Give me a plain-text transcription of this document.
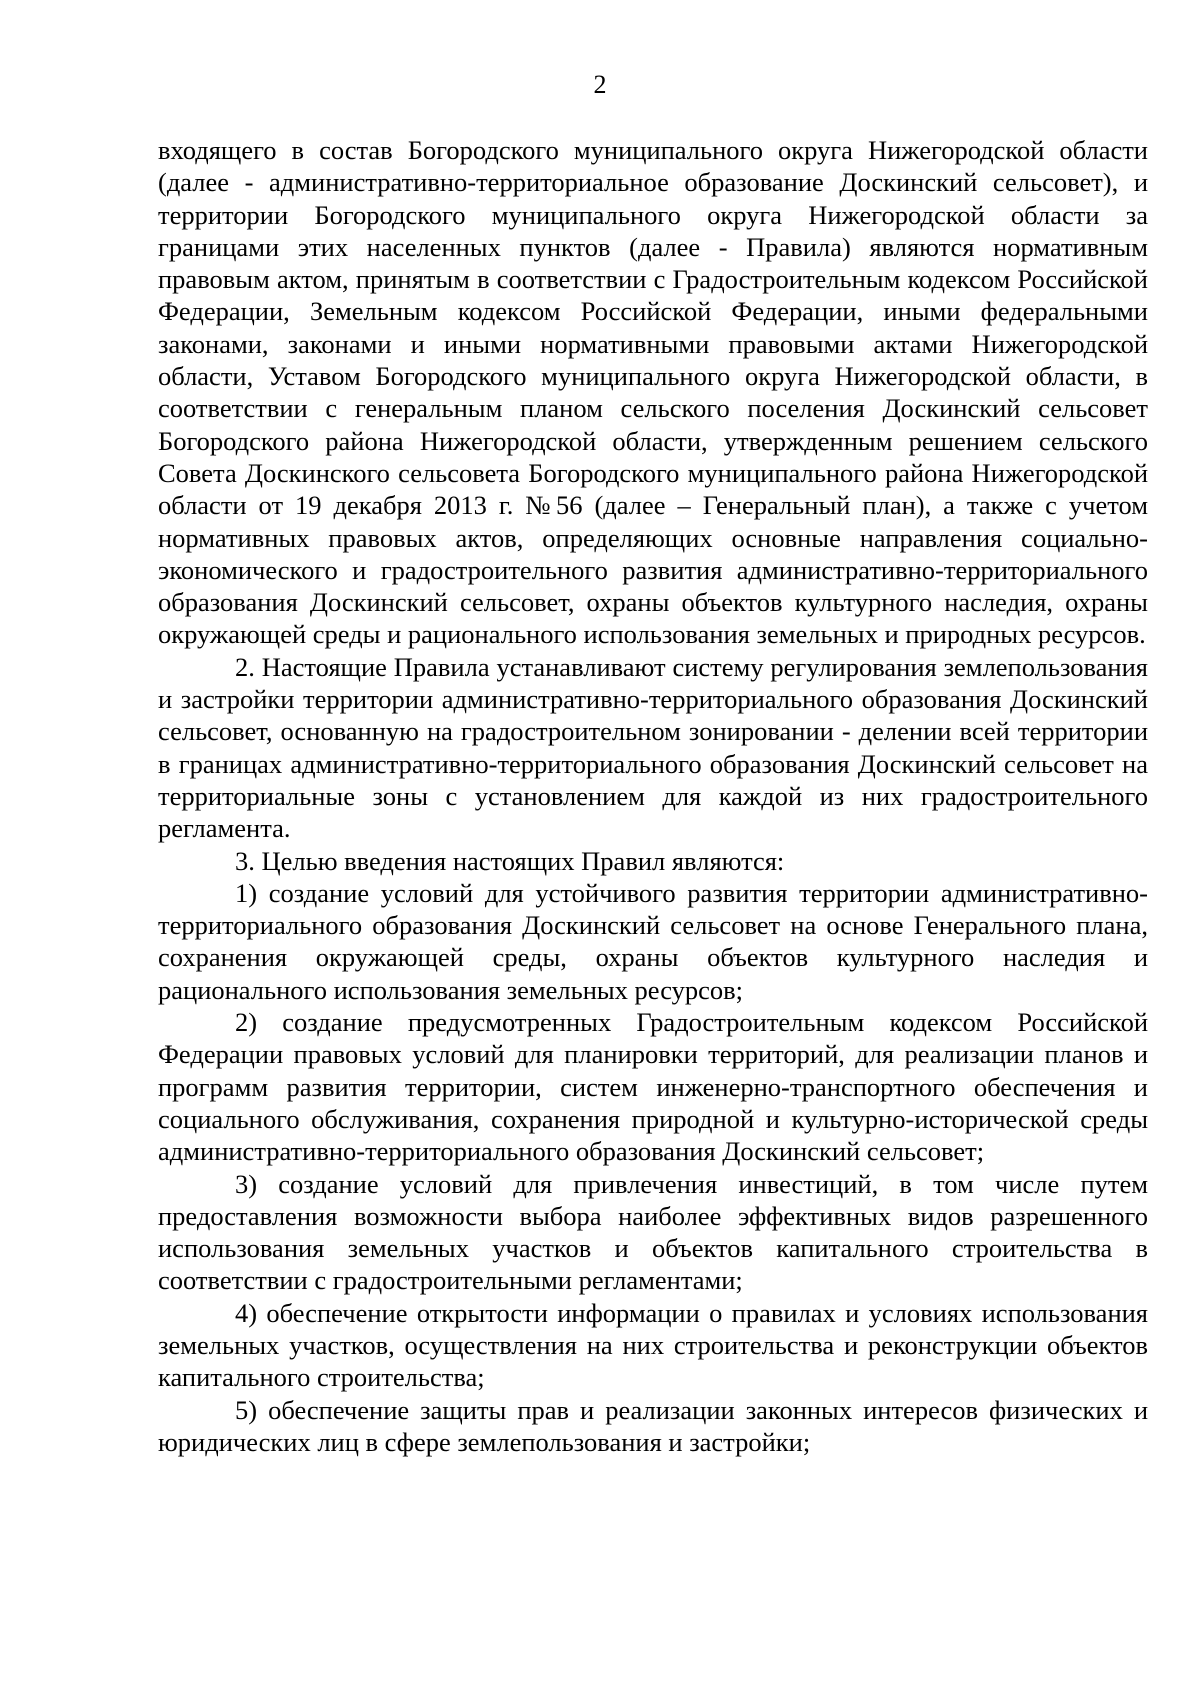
2

входящего в состав Богородского муниципального округа Нижегородской области (далее - административно-территориальное образование Доскинский сельсовет), и территории Богородского муниципального округа Нижегородской области за границами этих населенных пунктов (далее - Правила) являются нормативным правовым актом, принятым в соответствии с Градостроительным кодексом Российской Федерации, Земельным кодексом Российской Федерации, иными федеральными законами, законами и иными нормативными правовыми актами Нижегородской области, Уставом Богородского муниципального округа Нижегородской области, в соответствии с генеральным планом сельского поселения Доскинский сельсовет Богородского района Нижегородской области, утвержденным решением сельского Совета Доскинского сельсовета Богородского муниципального района Нижегородской области от 19 декабря 2013 г. №56 (далее – Генеральный план), а также с учетом нормативных правовых актов, определяющих основные направления социально-экономического и градостроительного развития административно-территориального образования Доскинский сельсовет, охраны объектов культурного наследия, охраны окружающей среды и рационального использования земельных и природных ресурсов.

2. Настоящие Правила устанавливают систему регулирования землепользования и застройки территории административно-территориального образования Доскинский сельсовет, основанную на градостроительном зонировании - делении всей территории в границах административно-территориального образования Доскинский сельсовет на территориальные зоны с установлением для каждой из них градостроительного регламента.

3. Целью введения настоящих Правил являются:

1) создание условий для устойчивого развития территории административно-территориального образования Доскинский сельсовет на основе Генерального плана, сохранения окружающей среды, охраны объектов культурного наследия и рационального использования земельных ресурсов;

2) создание предусмотренных Градостроительным кодексом Российской Федерации правовых условий для планировки территорий, для реализации планов и программ развития территории, систем инженерно-транспортного обеспечения и социального обслуживания, сохранения природной и культурно-исторической среды административно-территориального образования Доскинский сельсовет;

3) создание условий для привлечения инвестиций, в том числе путем предоставления возможности выбора наиболее эффективных видов разрешенного использования земельных участков и объектов капитального строительства в соответствии с градостроительными регламентами;

4) обеспечение открытости информации о правилах и условиях использования земельных участков, осуществления на них строительства и реконструкции объектов капитального строительства;

5) обеспечение защиты прав и реализации законных интересов физических и юридических лиц в сфере землепользования и застройки;
